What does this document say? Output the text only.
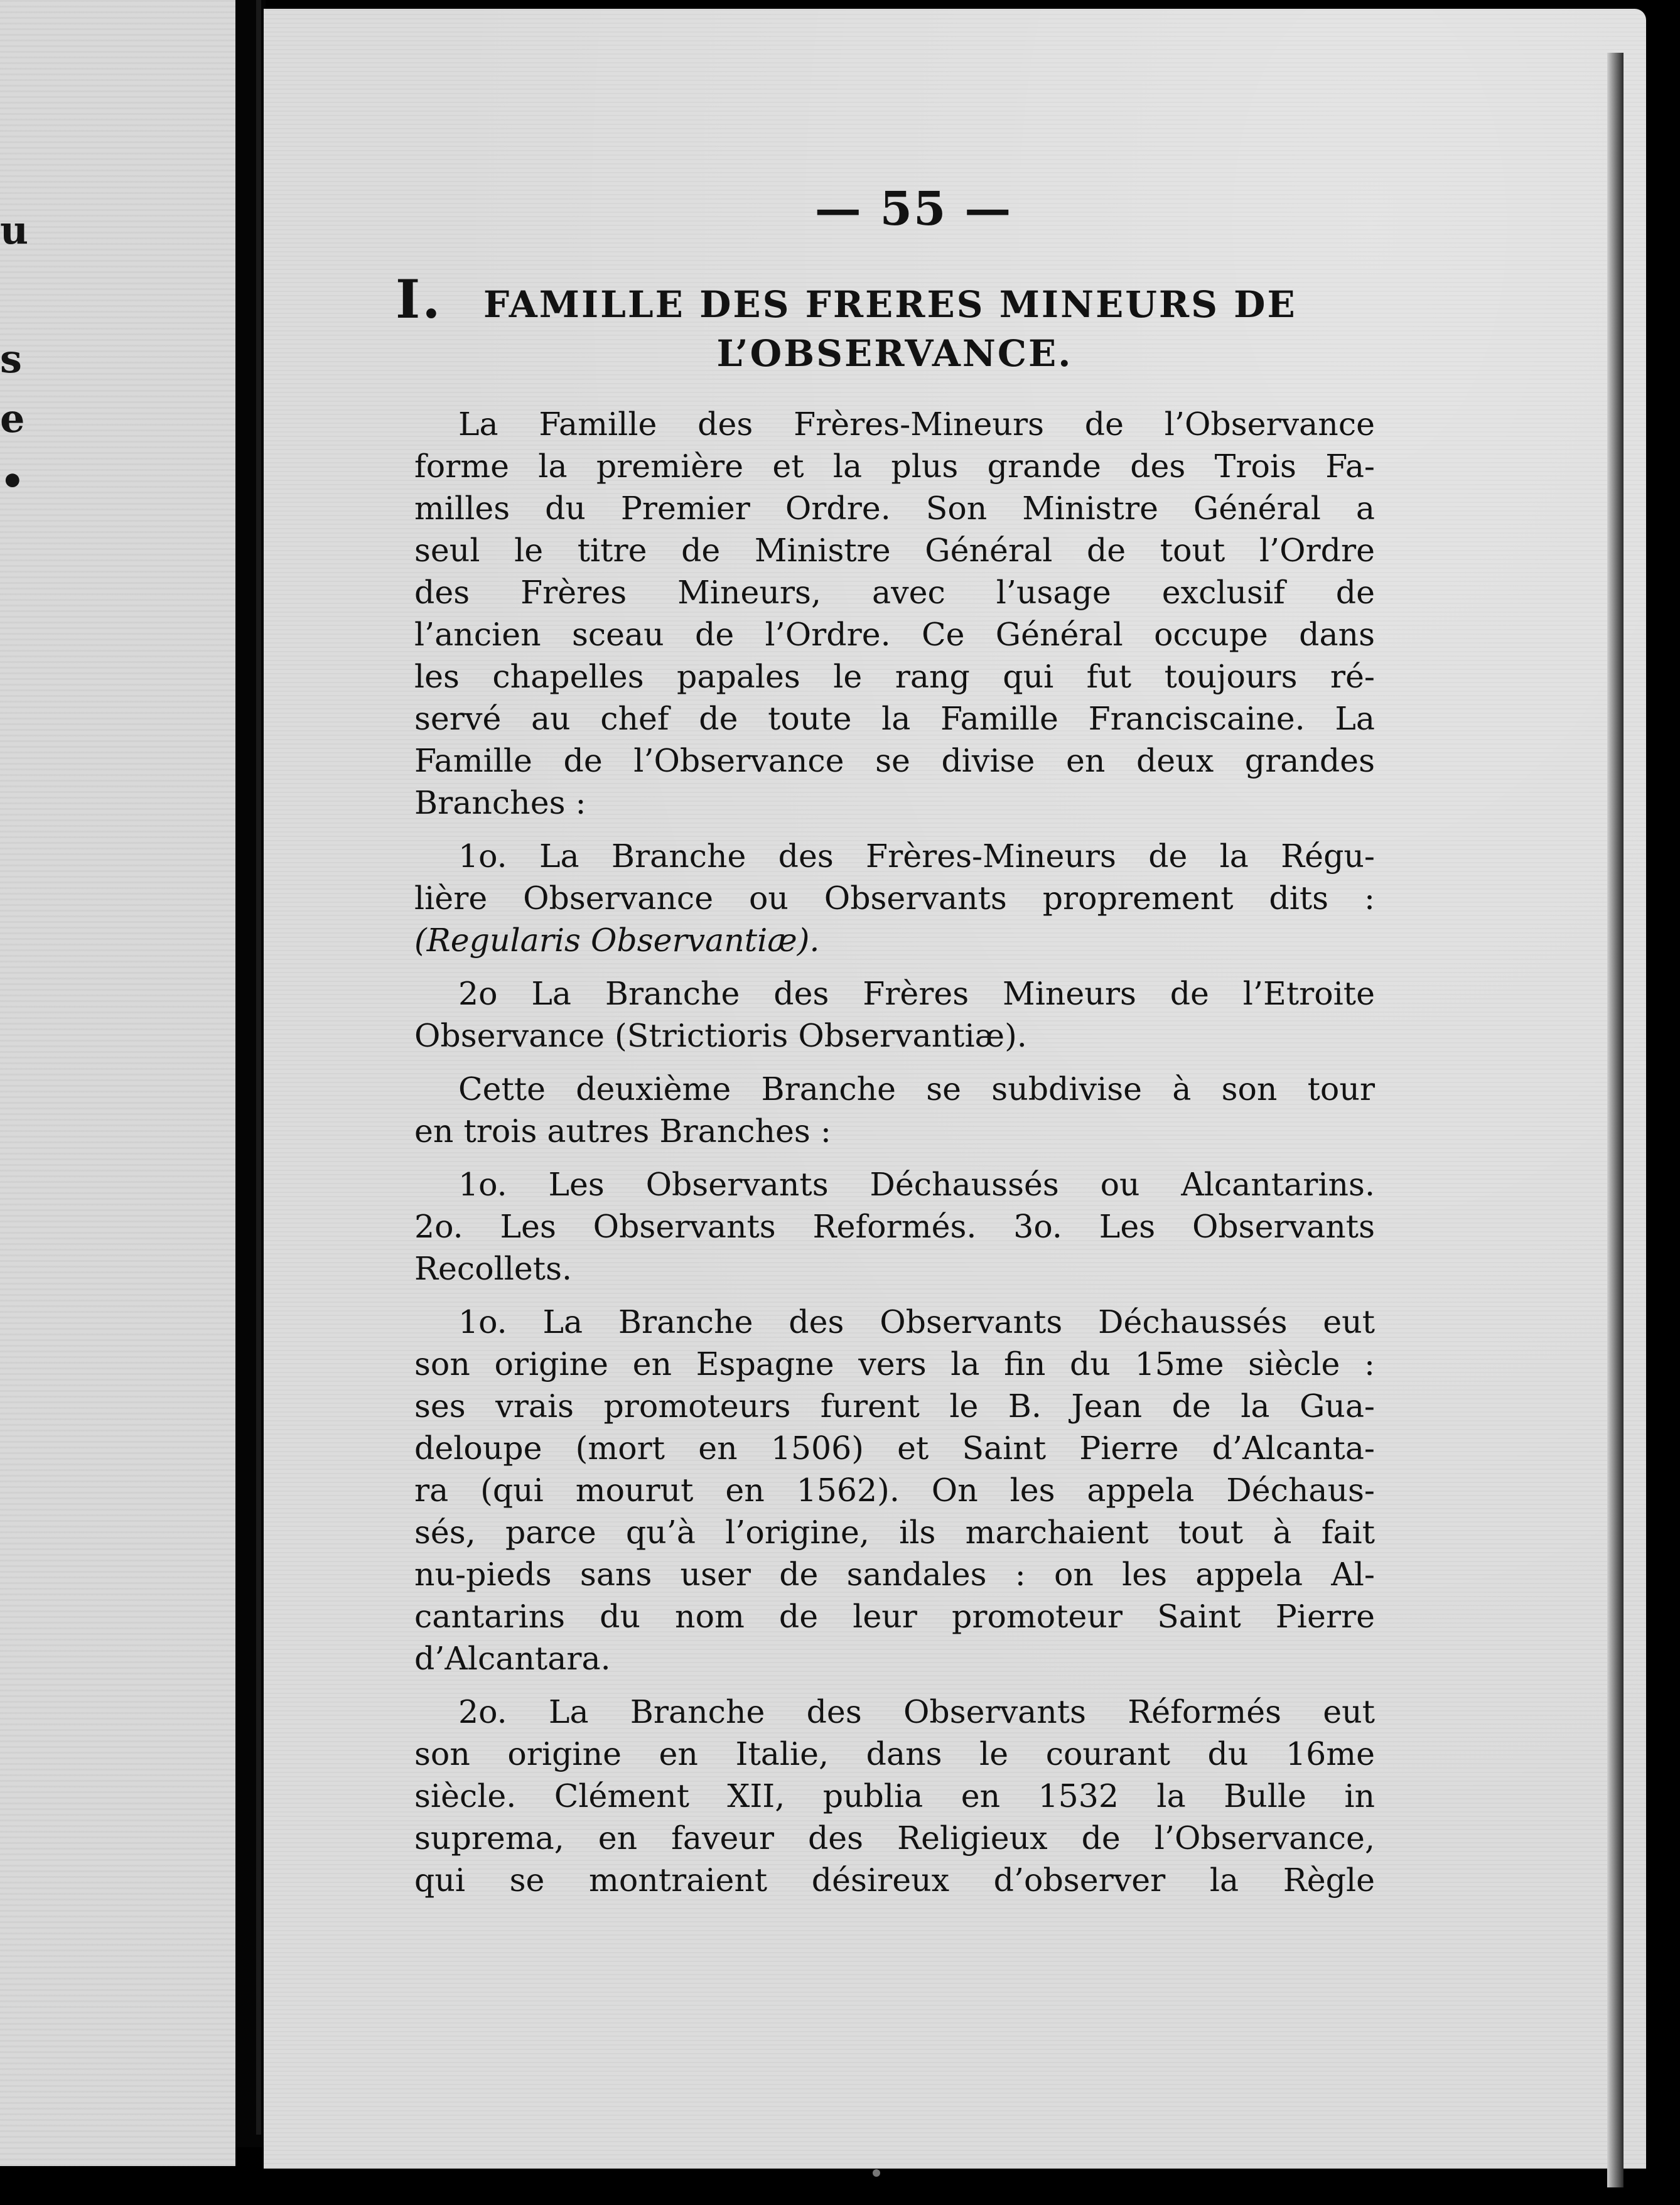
u
s
e
•
— 55 —
I.	FAMILLE DES FRERES MINEURS DE
L’OBSERVANCE.
La Famille des Frères-Mineurs de l’Observance
forme la première et la plus grande des Trois Fa-
milles du Premier Ordre. Son Ministre Général a
seul le titre de Ministre Général de tout l’Ordre
des Frères Mineurs, avec l’usage exclusif de
l’ancien sceau de l’Ordre. Ce Général occupe dans
les chapelles papales le rang qui fut toujours ré-
servé au chef de toute la Famille Franciscaine. La
Famille de l’Observance se divise en deux grandes
Branches :
1o. La Branche des Frères-Mineurs de la Régu-
lière Observance ou Observants proprement dits :
(Regularis Observantiæ).
2o La Branche des Frères Mineurs de l’Etroite
Observance (Strictioris Observantiæ).
Cette deuxième Branche se subdivise à son tour
en trois autres Branches :
1o. Les Observants Déchaussés ou Alcantarins.
2o. Les Observants Reformés. 3o. Les Observants
Recollets.
1o. La Branche des Observants Déchaussés eut
son origine en Espagne vers la fin du 15me siècle :
ses vrais promoteurs furent le B. Jean de la Gua-
deloupe (mort en 1506) et Saint Pierre d’Alcanta-
ra (qui mourut en 1562). On les appela Déchaus-
sés, parce qu’à l’origine, ils marchaient tout à fait
nu-pieds sans user de sandales : on les appela Al-
cantarins du nom de leur promoteur Saint Pierre
d’Alcantara.
2o. La Branche des Observants Réformés eut
son origine en Italie, dans le courant du 16me
siècle. Clément XII, publia en 1532 la Bulle in
suprema, en faveur des Religieux de l’Observance,
qui se montraient désireux d’observer la Règle
